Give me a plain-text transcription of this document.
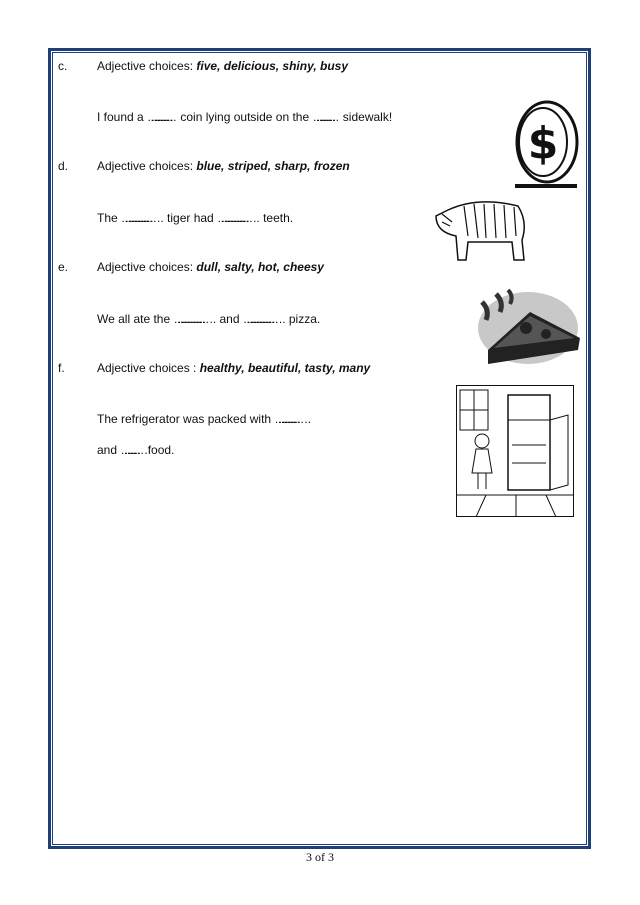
c. Adjective choices: five, delicious, shiny, busy
I found a ………………… coin lying outside on the ……………… sidewalk!
d. Adjective choices: blue, striped, sharp, frozen
The ……………………… .. tiger had ……………………… .. teeth.
e. Adjective choices: dull, salty, hot, cheesy
We all ate the ……………………… .. and ……………………… .. pizza.
f.	Adjective choices : healthy, beautiful, tasty, many
The refrigerator was packed with ………………… ..
and …………… .food.
$
3 of 3
